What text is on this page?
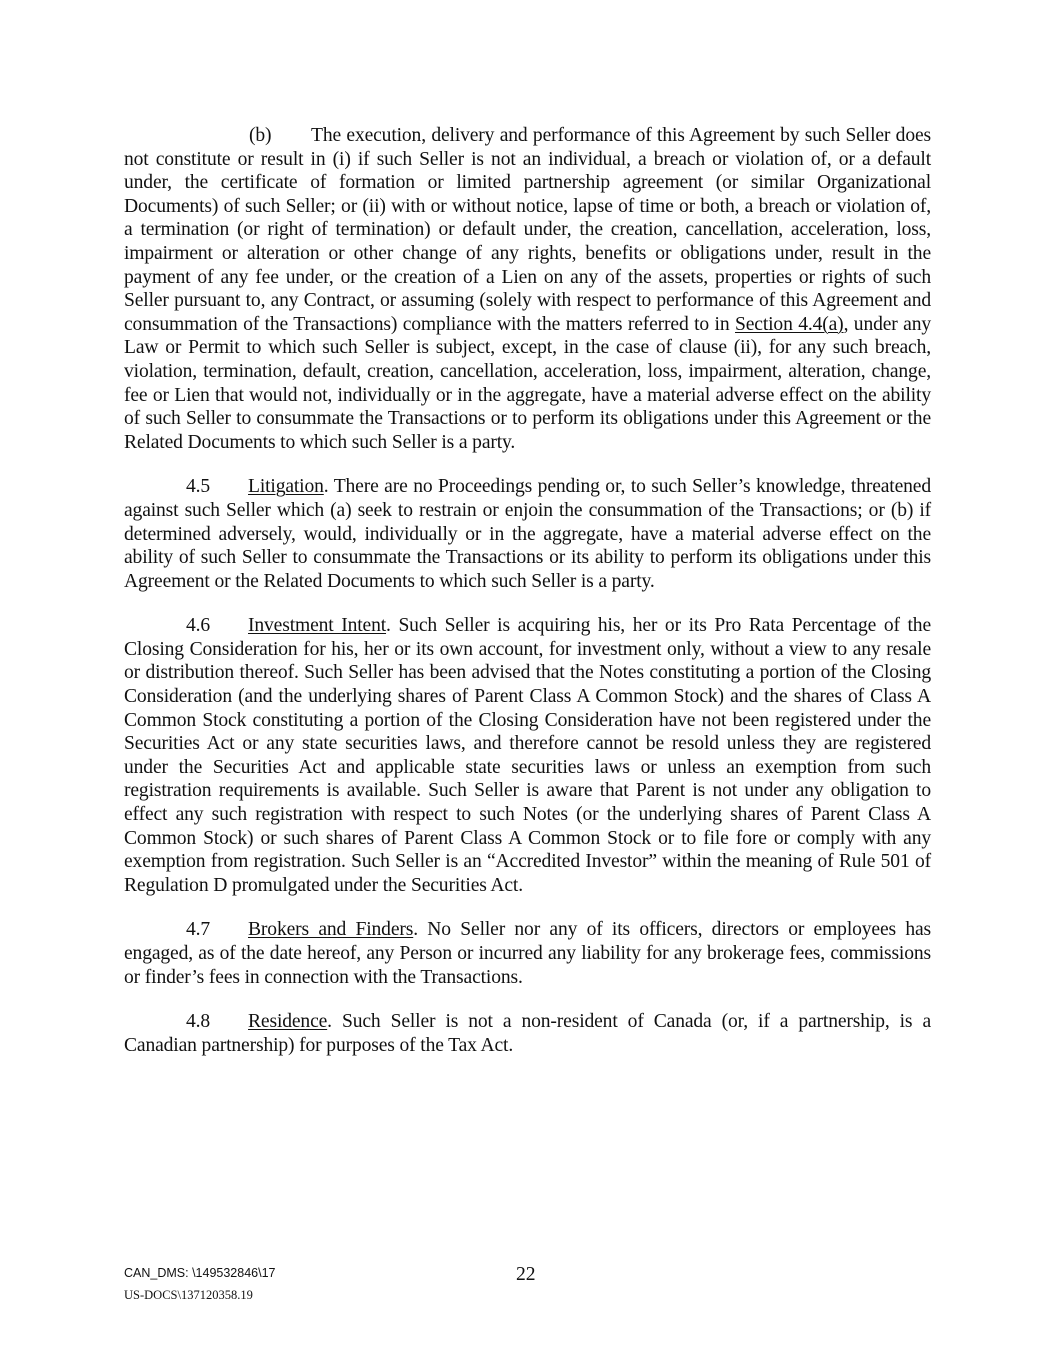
(b) The execution, delivery and performance of this Agreement by such Seller does not constitute or result in (i) if such Seller is not an individual, a breach or violation of, or a default under, the certificate of formation or limited partnership agreement (or similar Organizational Documents) of such Seller; or (ii) with or without notice, lapse of time or both, a breach or violation of, a termination (or right of termination) or default under, the creation, cancellation, acceleration, loss, impairment or alteration or other change of any rights, benefits or obligations under, result in the payment of any fee under, or the creation of a Lien on any of the assets, properties or rights of such Seller pursuant to, any Contract, or assuming (solely with respect to performance of this Agreement and consummation of the Transactions) compliance with the matters referred to in Section 4.4(a), under any Law or Permit to which such Seller is subject, except, in the case of clause (ii), for any such breach, violation, termination, default, creation, cancellation, acceleration, loss, impairment, alteration, change, fee or Lien that would not, individually or in the aggregate, have a material adverse effect on the ability of such Seller to consummate the Transactions or to perform its obligations under this Agreement or the Related Documents to which such Seller is a party.

4.5 Litigation. There are no Proceedings pending or, to such Seller’s knowledge, threatened against such Seller which (a) seek to restrain or enjoin the consummation of the Transactions; or (b) if determined adversely, would, individually or in the aggregate, have a material adverse effect on the ability of such Seller to consummate the Transactions or its ability to perform its obligations under this Agreement or the Related Documents to which such Seller is a party.

4.6 Investment Intent. Such Seller is acquiring his, her or its Pro Rata Percentage of the Closing Consideration for his, her or its own account, for investment only, without a view to any resale or distribution thereof. Such Seller has been advised that the Notes constituting a portion of the Closing Consideration (and the underlying shares of Parent Class A Common Stock) and the shares of Class A Common Stock constituting a portion of the Closing Consideration have not been registered under the Securities Act or any state securities laws, and therefore cannot be resold unless they are registered under the Securities Act and applicable state securities laws or unless an exemption from such registration requirements is available. Such Seller is aware that Parent is not under any obligation to effect any such registration with respect to such Notes (or the underlying shares of Parent Class A Common Stock) or such shares of Parent Class A Common Stock or to file fore or comply with any exemption from registration. Such Seller is an “Accredited Investor” within the meaning of Rule 501 of Regulation D promulgated under the Securities Act.

4.7 Brokers and Finders. No Seller nor any of its officers, directors or employees has engaged, as of the date hereof, any Person or incurred any liability for any brokerage fees, commissions or finder’s fees in connection with the Transactions.

4.8 Residence. Such Seller is not a non-resident of Canada (or, if a partnership, is a Canadian partnership) for purposes of the Tax Act.

CAN_DMS: \149532846\17
US-DOCS\137120358.19
22
